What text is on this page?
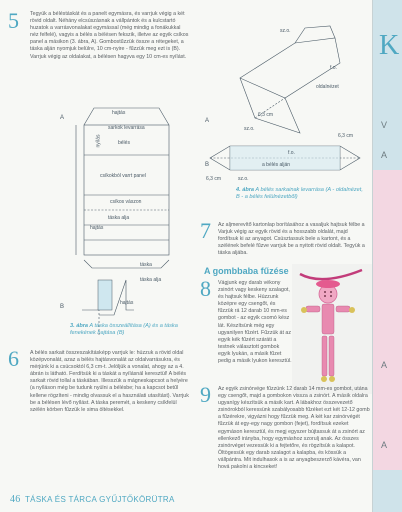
5 Tegyük a béléstáskát és a panelt egymásra, és varrjuk végig a két rövid oldalt. Néhány elcsúszásnak a vállpántok és a kulcstartó huzatok a varrásvonalakat egymással (még mindig a fonákukkal néz felfelé), vagyis a bélés a bélésen fekszik, illetve az egyik csíkos panel a másikon (3. ábra, A). Gombostűzzük össze a rétegeket, a táska alján nyomjuk belülre, 10 cm-nyire - fűzzük meg ezt is (B). Varrjuk végig az oldalakat, a bélésen hagyva egy 10 cm-es nyílást.
A
hajtás
sarkok levarrása
bélés
csíkokból varrt panel
csíkos vászon
táska alja
hajtás
nyílás
táska alja
táska
hajtás
B
3. ábra A táska összeállítása (A) és a táska fenekének hajtása (B)
sz.o.
f.o.
oldalnézet
6,3 cm
sz.o.
A
6,3 cm
f.o.
a bélés alján
6,3 cm	sz.o.
B
4. ábra A bélés sarkainak levarrása (A - oldalnézet, B - a bélés felülnézetből)
7 Az aljmerevítő kartonlap borításához a vasaljuk hajtsuk félbe a Varjuk végig az egyik rövid és a hosszabb oldalát, majd fordítsuk ki az anyagot. Csúsztassuk bele a kartont, és a szélének befelé fűzve varrjuk be a nyitott rövid oldalt. Tegyük a táska aljába.
A gombbaba fűzése
8 Vágjunk egy darab vékony zsinórt vagy keskeny szalagot, és hajtsuk félbe. Húzzunk középre egy csengőt, és fűzzük rá 12 darab 10 mm-es gombot - az egyik csomó kész lát. Készítsünk még egy ugyanilyen fűzért. Fűzzük át az egyik kék fűzért száráti a testnek választott gombok egyik lyukán, a másik fűzet pedig a másik lyukon keresztül.
6 A bélés sarkait összeszakításképp varrjuk le: húzzuk a rövid oldal középvonalát, azaz a bélés hajtásvonalát az oldalvarrásukra, és mérjünk ki a csúcsoktól 6,3 cm-t. Jelöljük a vonalat, ahogy az a 4. ábrán is látható. Ferdítsük ki a táskát a nyílásnál keresztül! A bélés sarkait rövid tollal a táskában. Illesszük a mágneskapcsot a helyére (a nyíláson még be tudunk nyúlni a bélésbe; ha a kapcsot betűl kellene rögzíteni - mindig olvassuk el a használati utasítást). Varrjuk be a bélésen lévő nyílást. A táska peremét, a keskeny csíkfelül szélén körben fűzzük le sima öltésekkel.
9 Az egyik zsinórvége fűzzünk 12 darab 14 mm-es gombot, utána egy csengőt, majd a gombokon vissza a zsinórt. A másik oldalra ugyanígy készítsük a másik kart. A lábakhoz összevezető zsinórokból keressünk szabályosabb fűzéket ezt két 12-12 gomb a fűzérekre, vigyázni hogy fűzzük meg. A két kar zsinórvégét fűzzük át egy-egy nagy gombon (fejet), fordítsuk ezeket egymáson keresztül, és megj egyszer bújtassuk át a zsinórt az ellenkező irányba, hogy egymáshoz szorulj anak. Az összes zsinórvéget vezessük ki a fejtetőre, és rögzítsük a kalapot. Öltögessük egy darab szalagot a kalapba, és kössük a vállpántra. Mit indulhasok a is az anyagbeszerző kávéra, van hová pakolni a kincseket!
46 TÁSKA ÉS TÁRCA GYŰJTŐKÖRÜTRA
K
V
A
A
A
